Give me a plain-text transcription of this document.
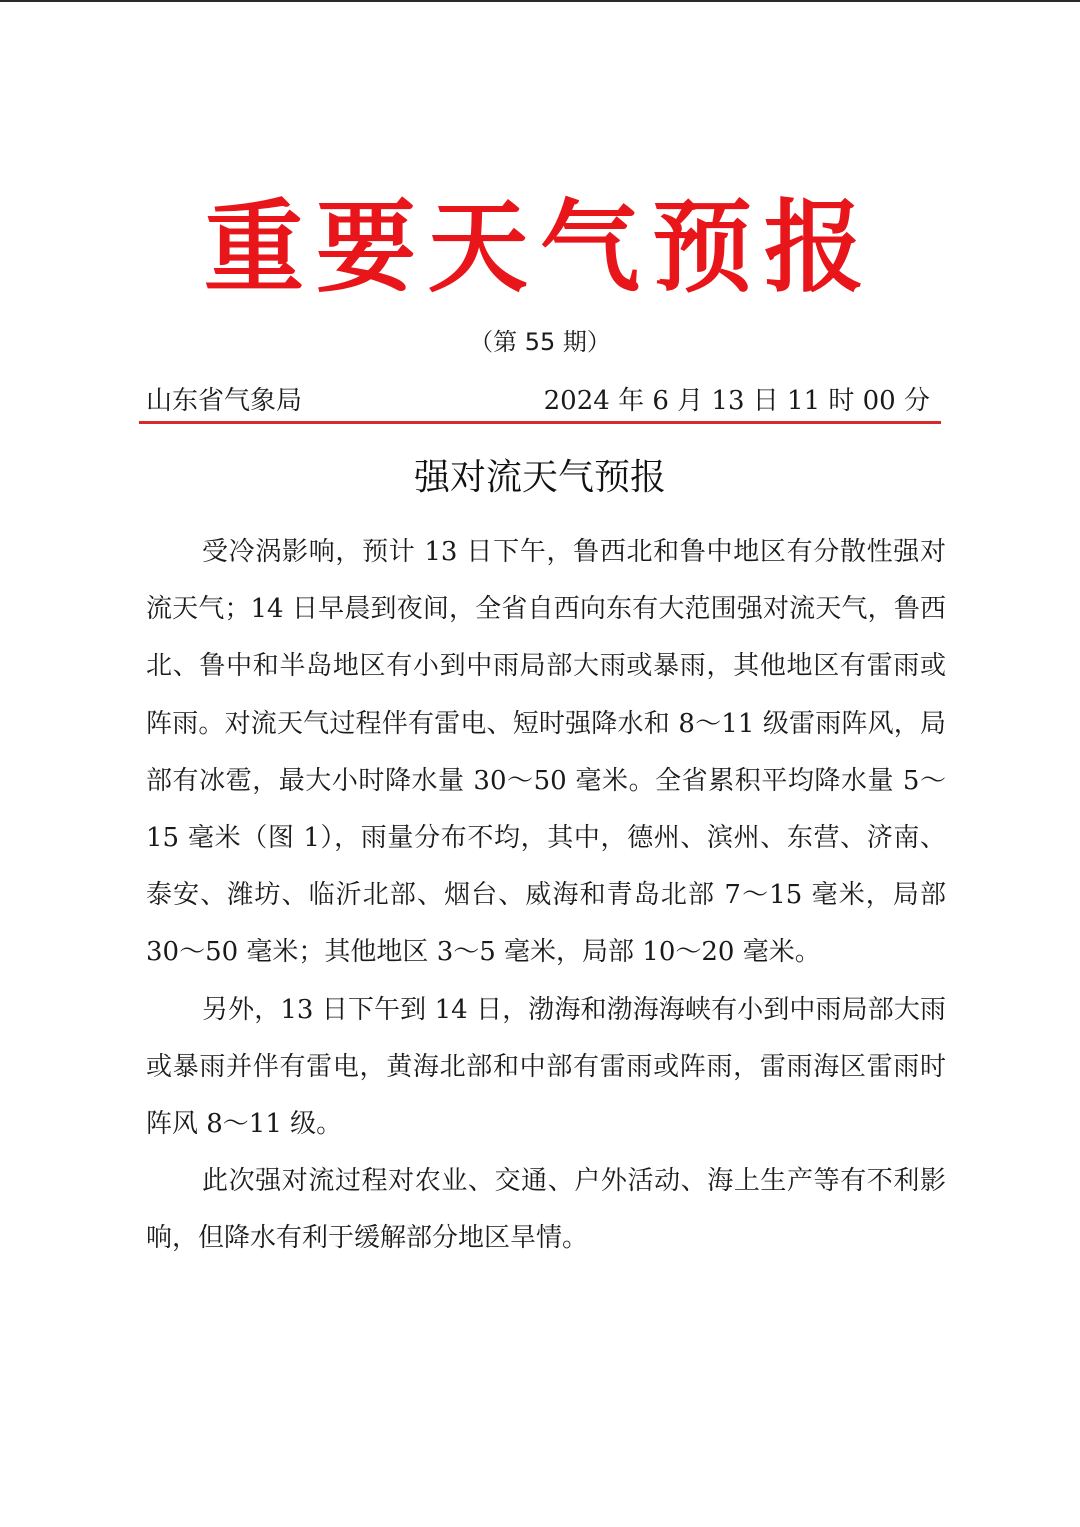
重要天气预报
（第 55 期）
山东省气象局	2024 年 6 月 13 日 11 时 00 分
强对流天气预报

受冷涡影响，预计 13 日下午，鲁西北和鲁中地区有分散性强对流天气；14 日早晨到夜间，全省自西向东有大范围强对流天气，鲁西北、鲁中和半岛地区有小到中雨局部大雨或暴雨，其他地区有雷雨或阵雨。对流天气过程伴有雷电、短时强降水和 8～11 级雷雨阵风，局部有冰雹，最大小时降水量 30～50 毫米。全省累积平均降水量 5～15 毫米（图 1），雨量分布不均，其中，德州、滨州、东营、济南、泰安、潍坊、临沂北部、烟台、威海和青岛北部 7～15 毫米，局部 30～50 毫米；其他地区 3～5 毫米，局部 10～20 毫米。

另外，13 日下午到 14 日，渤海和渤海海峡有小到中雨局部大雨或暴雨并伴有雷电，黄海北部和中部有雷雨或阵雨，雷雨海区雷雨时阵风 8～11 级。

此次强对流过程对农业、交通、户外活动、海上生产等有不利影响，但降水有利于缓解部分地区旱情。
